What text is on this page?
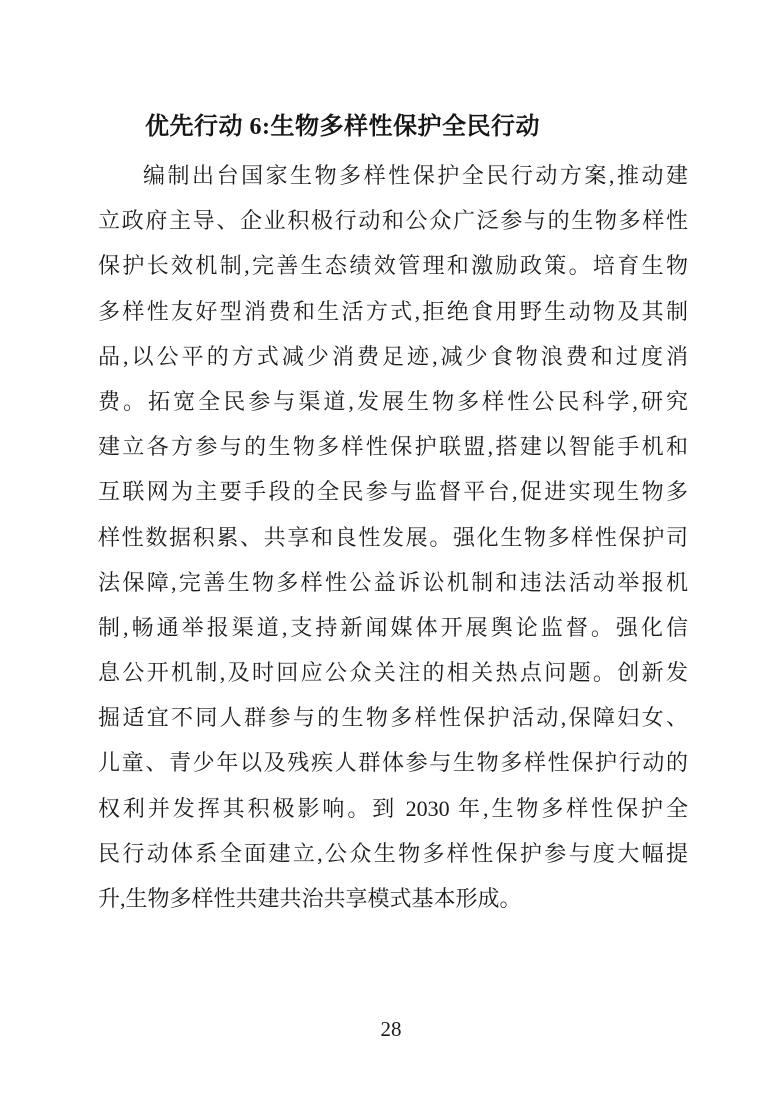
优先行动 6:生物多样性保护全民行动
编制出台国家生物多样性保护全民行动方案,推动建
立政府主导、企业积极行动和公众广泛参与的生物多样性
保护长效机制,完善生态绩效管理和激励政策。培育生物
多样性友好型消费和生活方式,拒绝食用野生动物及其制
品,以公平的方式减少消费足迹,减少食物浪费和过度消
费。拓宽全民参与渠道,发展生物多样性公民科学,研究
建立各方参与的生物多样性保护联盟,搭建以智能手机和
互联网为主要手段的全民参与监督平台,促进实现生物多
样性数据积累、共享和良性发展。强化生物多样性保护司
法保障,完善生物多样性公益诉讼机制和违法活动举报机
制,畅通举报渠道,支持新闻媒体开展舆论监督。强化信
息公开机制,及时回应公众关注的相关热点问题。创新发
掘适宜不同人群参与的生物多样性保护活动,保障妇女、
儿童、青少年以及残疾人群体参与生物多样性保护行动的
权利并发挥其积极影响。到 2030 年,生物多样性保护全
民行动体系全面建立,公众生物多样性保护参与度大幅提
升,生物多样性共建共治共享模式基本形成。
28
